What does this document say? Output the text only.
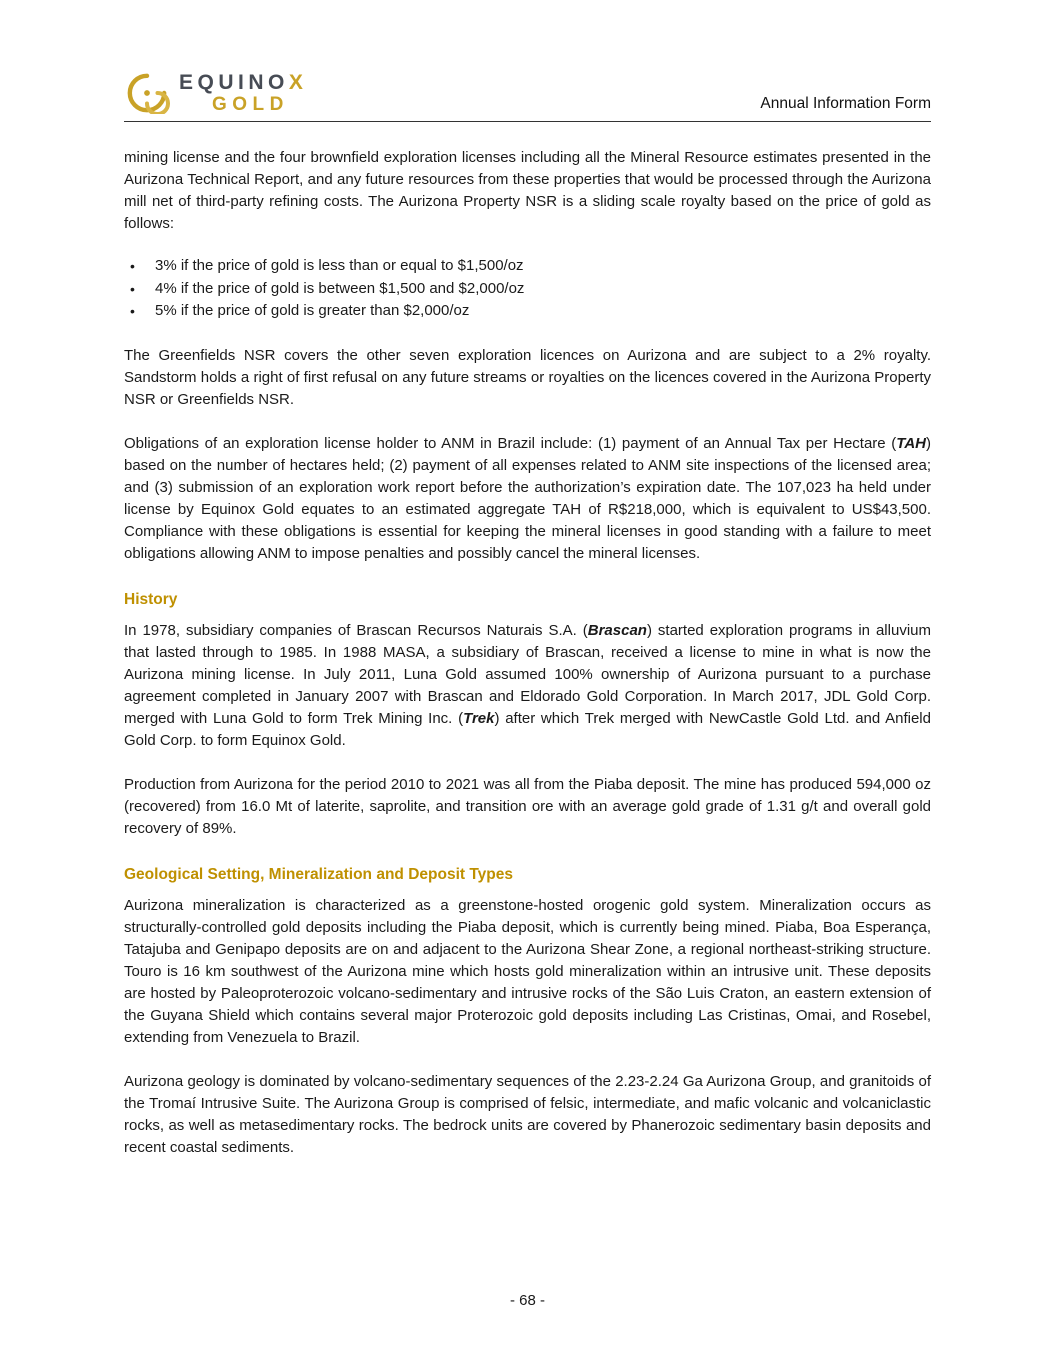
EQUINOX
GOLD	Annual Information Form

mining license and the four brownfield exploration licenses including all the Mineral Resource estimates presented in the Aurizona Technical Report, and any future resources from these properties that would be processed through the Aurizona mill net of third-party refining costs. The Aurizona Property NSR is a sliding scale royalty based on the price of gold as follows:

•	3% if the price of gold is less than or equal to $1,500/oz
•	4% if the price of gold is between $1,500 and $2,000/oz
•	5% if the price of gold is greater than $2,000/oz

The Greenfields NSR covers the other seven exploration licences on Aurizona and are subject to a 2% royalty. Sandstorm holds a right of first refusal on any future streams or royalties on the licences covered in the Aurizona Property NSR or Greenfields NSR.

Obligations of an exploration license holder to ANM in Brazil include: (1) payment of an Annual Tax per Hectare (TAH) based on the number of hectares held; (2) payment of all expenses related to ANM site inspections of the licensed area; and (3) submission of an exploration work report before the authorization’s expiration date. The 107,023 ha held under license by Equinox Gold equates to an estimated aggregate TAH of R$218,000, which is equivalent to US$43,500. Compliance with these obligations is essential for keeping the mineral licenses in good standing with a failure to meet obligations allowing ANM to impose penalties and possibly cancel the mineral licenses.

History

In 1978, subsidiary companies of Brascan Recursos Naturais S.A. (Brascan) started exploration programs in alluvium that lasted through to 1985. In 1988 MASA, a subsidiary of Brascan, received a license to mine in what is now the Aurizona mining license. In July 2011, Luna Gold assumed 100% ownership of Aurizona pursuant to a purchase agreement completed in January 2007 with Brascan and Eldorado Gold Corporation. In March 2017, JDL Gold Corp. merged with Luna Gold to form Trek Mining Inc. (Trek) after which Trek merged with NewCastle Gold Ltd. and Anfield Gold Corp. to form Equinox Gold.

Production from Aurizona for the period 2010 to 2021 was all from the Piaba deposit. The mine has produced 594,000 oz (recovered) from 16.0 Mt of laterite, saprolite, and transition ore with an average gold grade of 1.31 g/t and overall gold recovery of 89%.

Geological Setting, Mineralization and Deposit Types

Aurizona mineralization is characterized as a greenstone-hosted orogenic gold system. Mineralization occurs as structurally-controlled gold deposits including the Piaba deposit, which is currently being mined. Piaba, Boa Esperança, Tatajuba and Genipapo deposits are on and adjacent to the Aurizona Shear Zone, a regional northeast-striking structure. Touro is 16 km southwest of the Aurizona mine which hosts gold mineralization within an intrusive unit. These deposits are hosted by Paleoproterozoic volcano-sedimentary and intrusive rocks of the São Luis Craton, an eastern extension of the Guyana Shield which contains several major Proterozoic gold deposits including Las Cristinas, Omai, and Rosebel, extending from Venezuela to Brazil.

Aurizona geology is dominated by volcano-sedimentary sequences of the 2.23-2.24 Ga Aurizona Group, and granitoids of the Tromaí Intrusive Suite. The Aurizona Group is comprised of felsic, intermediate, and mafic volcanic and volcaniclastic rocks, as well as metasedimentary rocks. The bedrock units are covered by Phanerozoic sedimentary basin deposits and recent coastal sediments.

- 68 -
